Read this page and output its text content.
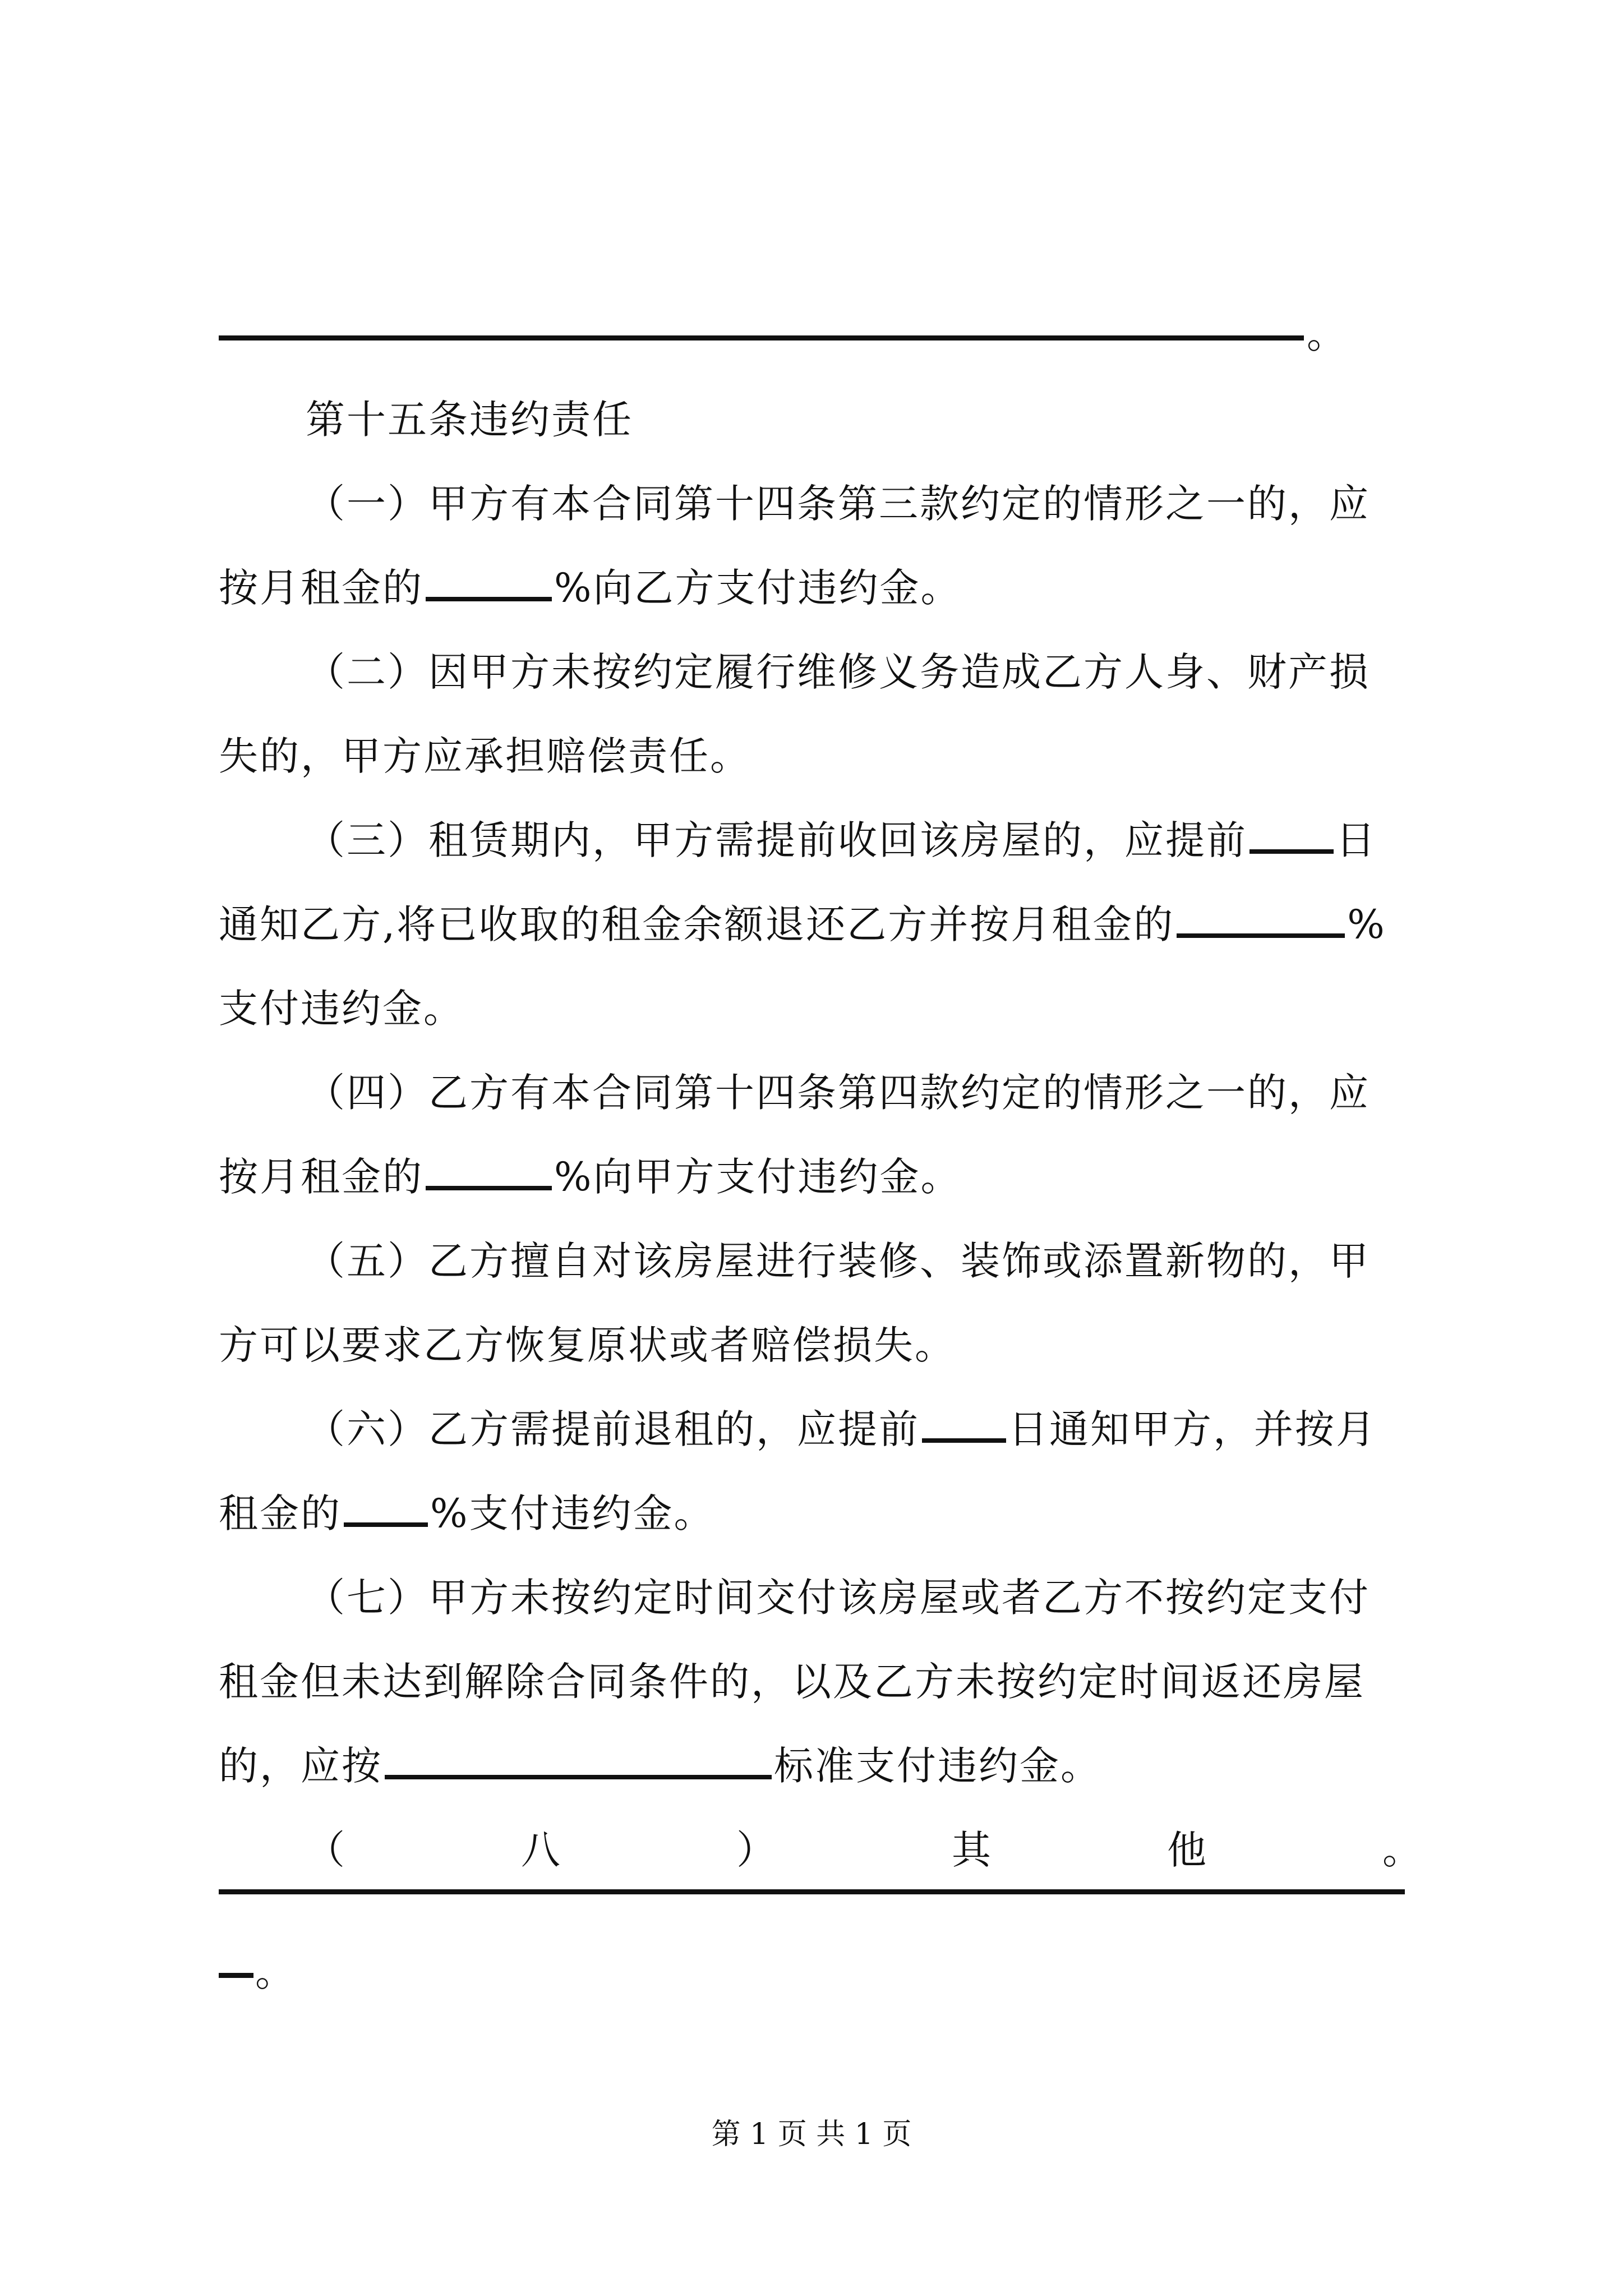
。
第十五条违约责任
（一）甲方有本合同第十四条第三款约定的情形之一的，应
按月租金的	%向乙方支付违约金。
（二）因甲方未按约定履行维修义务造成乙方人身、财产损
失的，甲方应承担赔偿责任。
（三）租赁期内，甲方需提前收回该房屋的，应提前 日
通知乙方,将已收取的租金余额退还乙方并按月租金的	%
支付违约金。
（四）乙方有本合同第十四条第四款约定的情形之一的，应
按月租金的	%向甲方支付违约金。
（五）乙方擅自对该房屋进行装修、装饰或添置新物的，甲
方可以要求乙方恢复原状或者赔偿损失。
（六）乙方需提前退租的，应提前 日通知甲方，并按月
租金的 %支付违约金。
（七）甲方未按约定时间交付该房屋或者乙方不按约定支付
租金但未达到解除合同条件的，以及乙方未按约定时间返还房屋
的，应按	标准支付违约金。
（	八	）	其	他	。
。
第 1 页 共 1 页
